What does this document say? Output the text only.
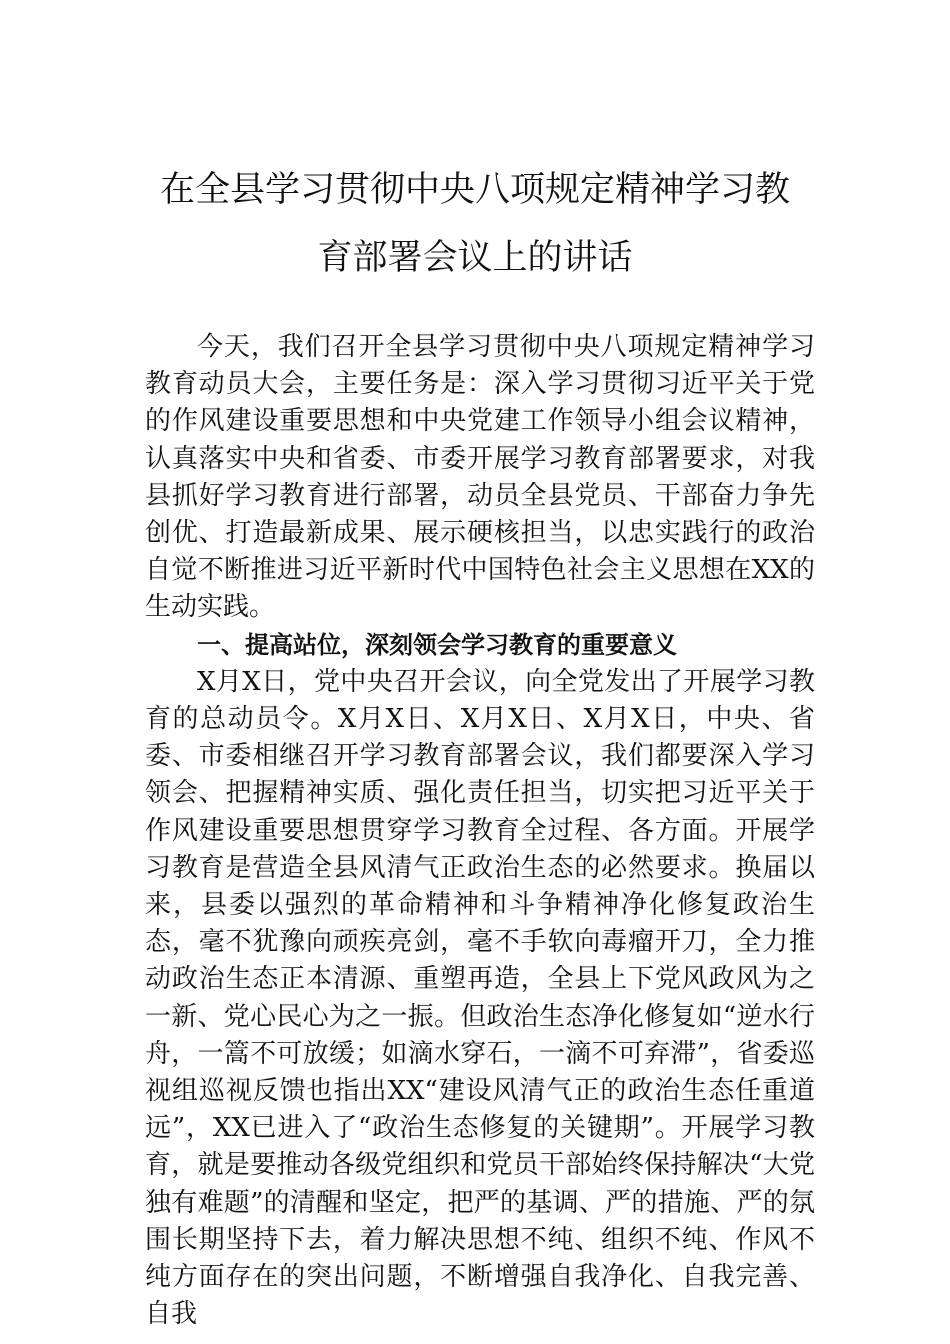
在全县学习贯彻中央八项规定精神学习教
育部署会议上的讲话

今天，我们召开全县学习贯彻中央八项规定精神学习教育动员大会，主要任务是：深入学习贯彻习近平关于党的作风建设重要思想和中央党建工作领导小组会议精神，认真落实中央和省委、市委开展学习教育部署要求，对我县抓好学习教育进行部署，动员全县党员、干部奋力争先创优、打造最新成果、展示硬核担当，以忠实践行的政治自觉不断推进习近平新时代中国特色社会主义思想在XX的生动实践。

一、提高站位，深刻领会学习教育的重要意义

X月X日，党中央召开会议，向全党发出了开展学习教育的总动员令。X月X日、X月X日、X月X日，中央、省委、市委相继召开学习教育部署会议，我们都要深入学习领会、把握精神实质、强化责任担当，切实把习近平关于作风建设重要思想贯穿学习教育全过程、各方面。开展学习教育是营造全县风清气正政治生态的必然要求。换届以来，县委以强烈的革命精神和斗争精神净化修复政治生态，毫不犹豫向顽疾亮剑，毫不手软向毒瘤开刀，全力推动政治生态正本清源、重塑再造，全县上下党风政风为之一新、党心民心为之一振。但政治生态净化修复如“逆水行舟，一篙不可放缓；如滴水穿石，一滴不可弃滞”，省委巡视组巡视反馈也指出XX“建设风清气正的政治生态任重道远”，XX已进入了“政治生态修复的关键期”。开展学习教育，就是要推动各级党组织和党员干部始终保持解决“大党独有难题”的清醒和坚定，把严的基调、严的措施、严的氛围长期坚持下去，着力解决思想不纯、组织不纯、作风不纯方面存在的突出问题，不断增强自我净化、自我完善、自我
